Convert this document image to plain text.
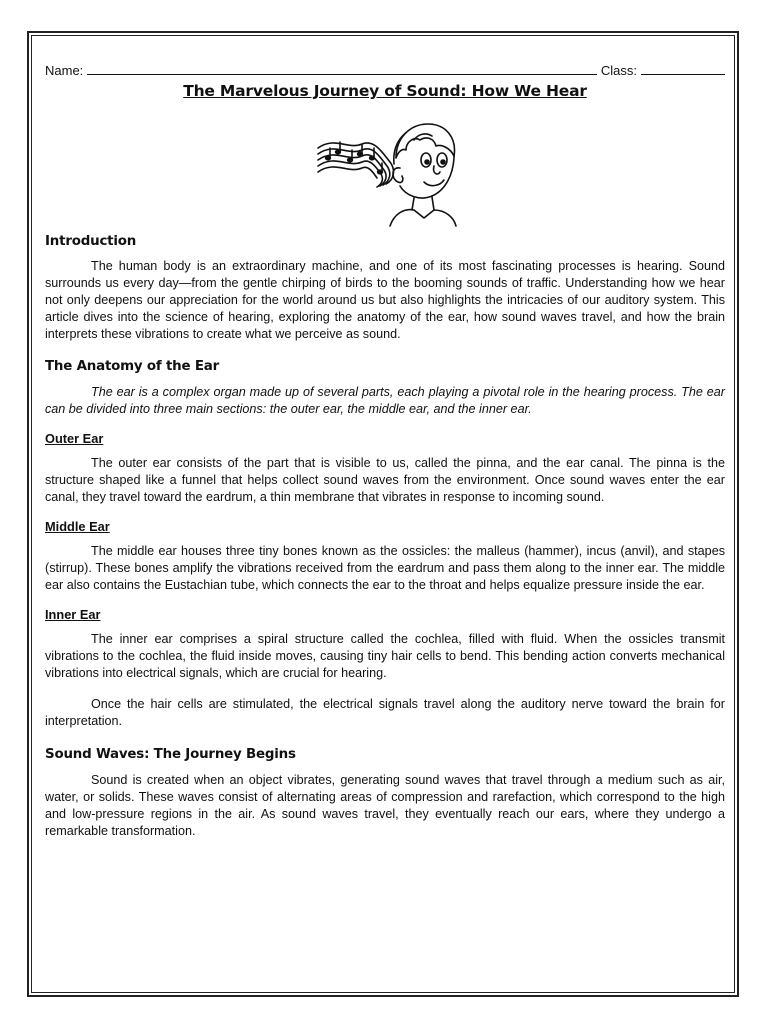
Name:	Class:
The Marvelous Journey of Sound: How We Hear
Introduction

The human body is an extraordinary machine, and one of its most fascinating processes is hearing. Sound surrounds us every day—from the gentle chirping of birds to the booming sounds of traffic. Understanding how we hear not only deepens our appreciation for the world around us but also highlights the intricacies of our auditory system. This article dives into the science of hearing, exploring the anatomy of the ear, how sound waves travel, and how the brain interprets these vibrations to create what we perceive as sound.

The Anatomy of the Ear

The ear is a complex organ made up of several parts, each playing a pivotal role in the hearing process. The ear can be divided into three main sections: the outer ear, the middle ear, and the inner ear.

Outer Ear

The outer ear consists of the part that is visible to us, called the pinna, and the ear canal. The pinna is the structure shaped like a funnel that helps collect sound waves from the environment. Once sound waves enter the ear canal, they travel toward the eardrum, a thin membrane that vibrates in response to incoming sound.

Middle Ear

The middle ear houses three tiny bones known as the ossicles: the malleus (hammer), incus (anvil), and stapes (stirrup). These bones amplify the vibrations received from the eardrum and pass them along to the inner ear. The middle ear also contains the Eustachian tube, which connects the ear to the throat and helps equalize pressure inside the ear.

Inner Ear

The inner ear comprises a spiral structure called the cochlea, filled with fluid. When the ossicles transmit vibrations to the cochlea, the fluid inside moves, causing tiny hair cells to bend. This bending action converts mechanical vibrations into electrical signals, which are crucial for hearing.

Once the hair cells are stimulated, the electrical signals travel along the auditory nerve toward the brain for interpretation.

Sound Waves: The Journey Begins

Sound is created when an object vibrates, generating sound waves that travel through a medium such as air, water, or solids. These waves consist of alternating areas of compression and rarefaction, which correspond to the high and low-pressure regions in the air. As sound waves travel, they eventually reach our ears, where they undergo a remarkable transformation.
